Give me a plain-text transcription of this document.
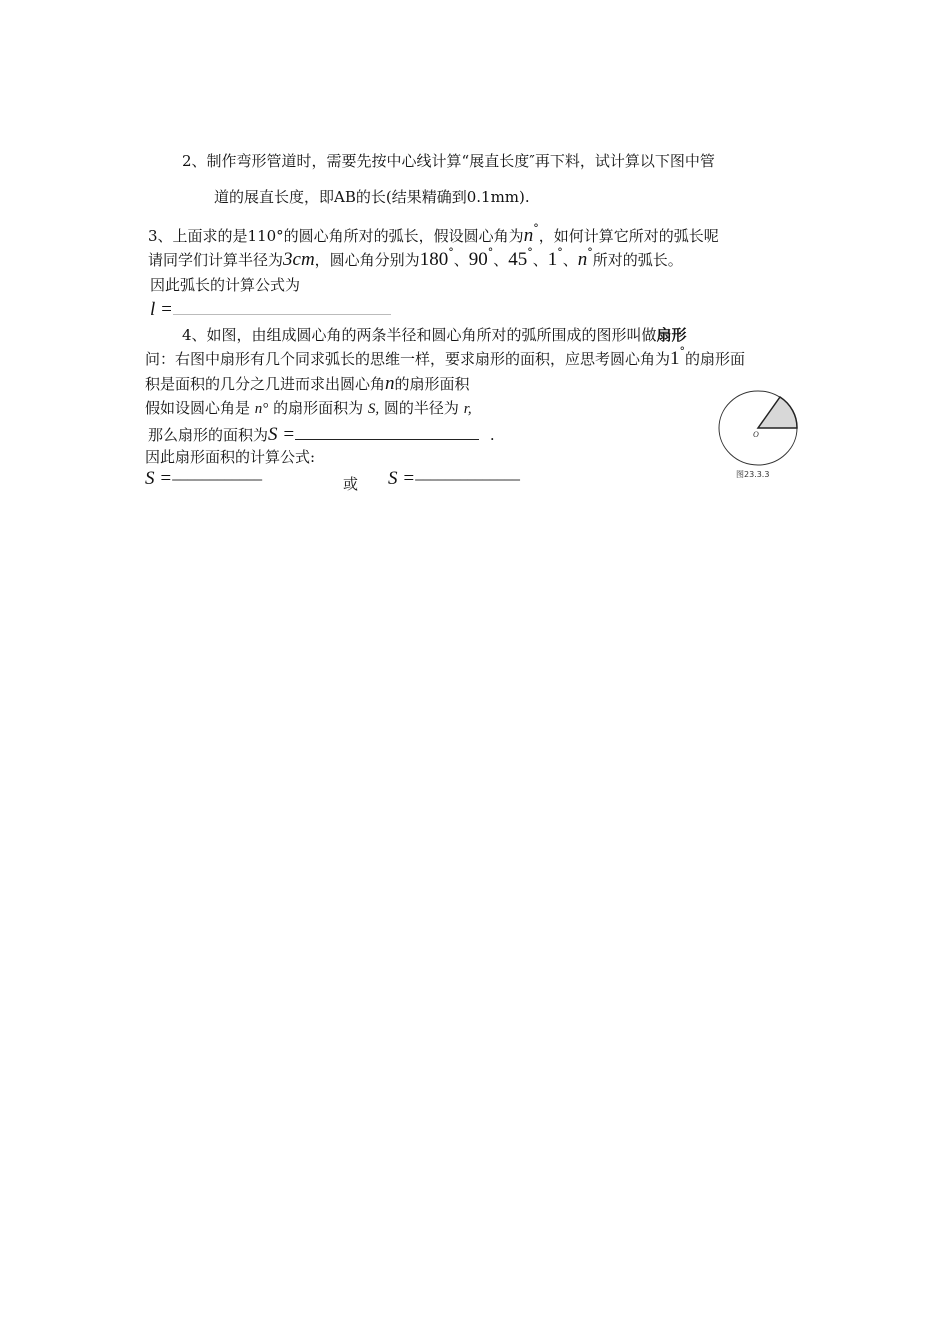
2、制作弯形管道时，需要先按中心线计算“展直长度″再下料，试计算以下图中管
道的展直长度，即AB的长(结果精确到0.1mm).
3、上面求的是110°的圆心角所对的弧长，假设圆心角为n°，如何计算它所对的弧长呢
请同学们计算半径为3cm，圆心角分别为180°、90°、45°、1°、n°所对的弧长。
因此弧长的计算公式为
l =
4、如图，由组成圆心角的两条半径和圆心角所对的弧所围成的图形叫做扇形
问：右图中扇形有几个同求弧长的思维一样，要求扇形的面积，应思考圆心角为1°的扇形面
积是面积的几分之几进而求出圆心角n的扇形面积
假如设圆心角是 n° 的扇形面积为 S, 圆的半径为 r,
那么扇形的面积为S =	.
因此扇形面积的计算公式:
S =————————————	或 S =——————————————
O
图23.3.3
